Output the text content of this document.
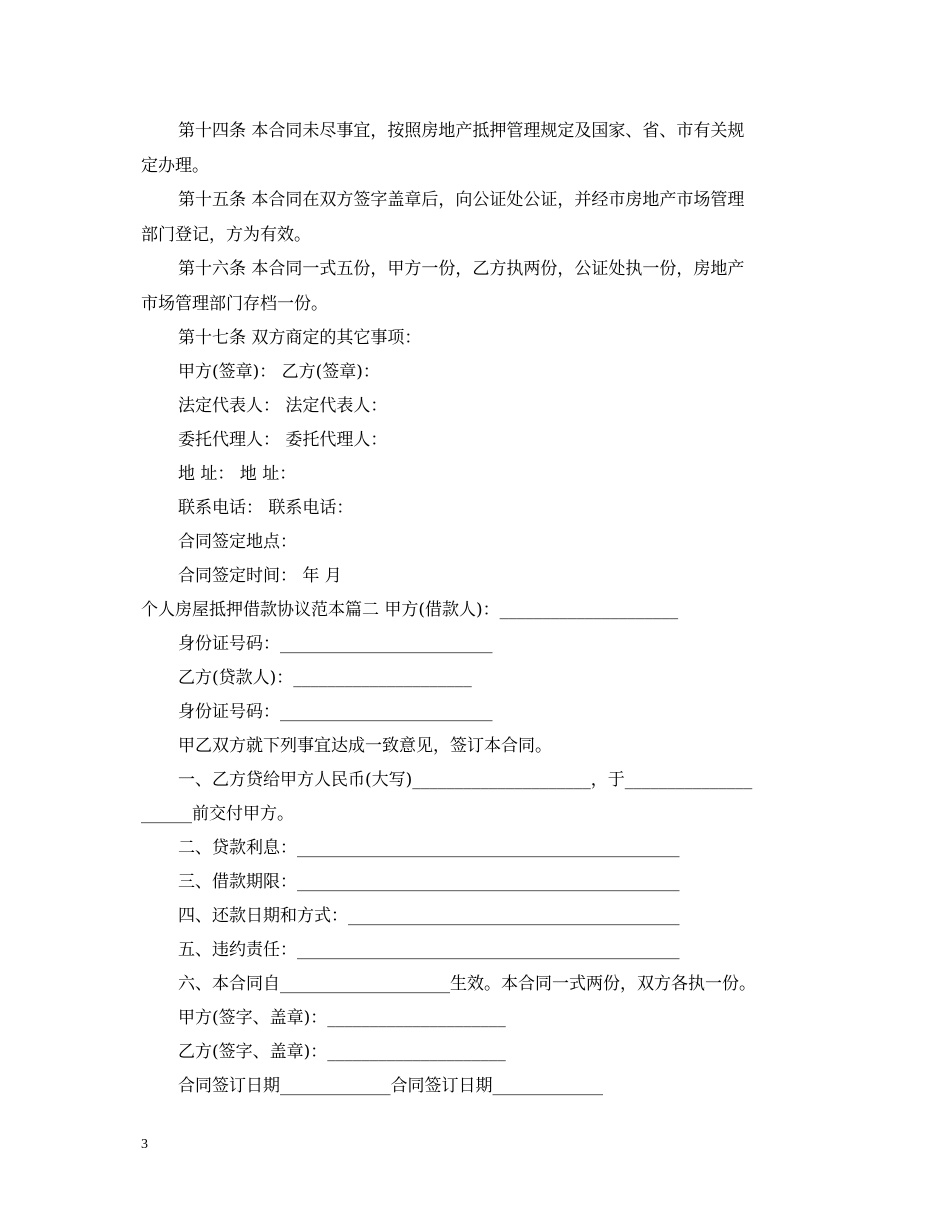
第十四条 本合同未尽事宜，按照房地产抵押管理规定及国家、省、市有关规
定办理。
第十五条 本合同在双方签字盖章后，向公证处公证，并经市房地产市场管理
部门登记，方为有效。
第十六条 本合同一式五份，甲方一份，乙方执两份，公证处执一份，房地产
市场管理部门存档一份。
第十七条 双方商定的其它事项：
甲方(签章)： 乙方(签章)：
法定代表人： 法定代表人：
委托代理人： 委托代理人：
地 址： 地 址：
联系电话： 联系电话：
合同签定地点：
合同签定时间： 年 月
个人房屋抵押借款协议范本篇二 甲方(借款人)：_____________________
身份证号码：_________________________
乙方(贷款人)：_____________________
身份证号码：_________________________
甲乙双方就下列事宜达成一致意见，签订本合同。
一、乙方贷给甲方人民币(大写)_____________________，于_______________
______前交付甲方。
二、贷款利息：_____________________________________________
三、借款期限：_____________________________________________
四、还款日期和方式：_______________________________________
五、违约责任：_____________________________________________
六、本合同自____________________生效。本合同一式两份，双方各执一份。
甲方(签字、盖章)：_____________________
乙方(签字、盖章)：_____________________
合同签订日期_____________合同签订日期_____________
3
